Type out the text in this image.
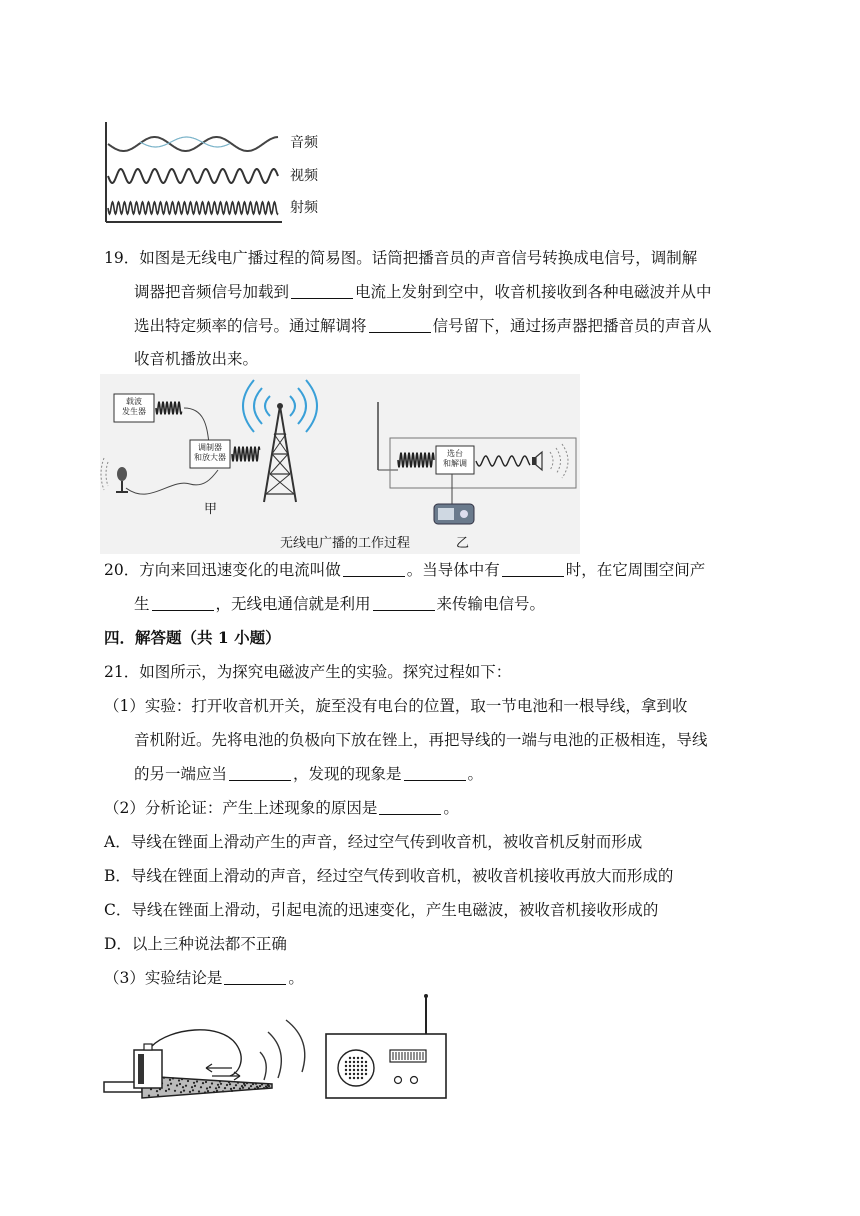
音频
视频
射频
19．如图是无线电广播过程的简易图。话筒把播音员的声音信号转换成电信号，调制解
调器把音频信号加载到	电流上发射到空中，收音机接收到各种电磁波并从中
选出特定频率的信号。通过解调将	信号留下，通过扬声器把播音员的声音从
收音机播放出来。
载波
发生器
调制器
和放大器	选台
和解调
甲
乙
无线电广播的工作过程
20．方向来回迅速变化的电流叫做	。当导体中有	时，在它周围空间产
生	，无线电通信就是利用	来传输电信号。
四．解答题（共 1 小题）
21．如图所示，为探究电磁波产生的实验。探究过程如下：
（1）实验：打开收音机开关，旋至没有电台的位置，取一节电池和一根导线，拿到收
音机附近。先将电池的负极向下放在锉上，再把导线的一端与电池的正极相连，导线
的另一端应当	，发现的现象是	。
（2）分析论证：产生上述现象的原因是	。
A．导线在锉面上滑动产生的声音，经过空气传到收音机，被收音机反射而形成
B．导线在锉面上滑动的声音，经过空气传到收音机，被收音机接收再放大而形成的
C．导线在锉面上滑动，引起电流的迅速变化，产生电磁波，被收音机接收形成的
D．以上三种说法都不正确
（3）实验结论是	。
